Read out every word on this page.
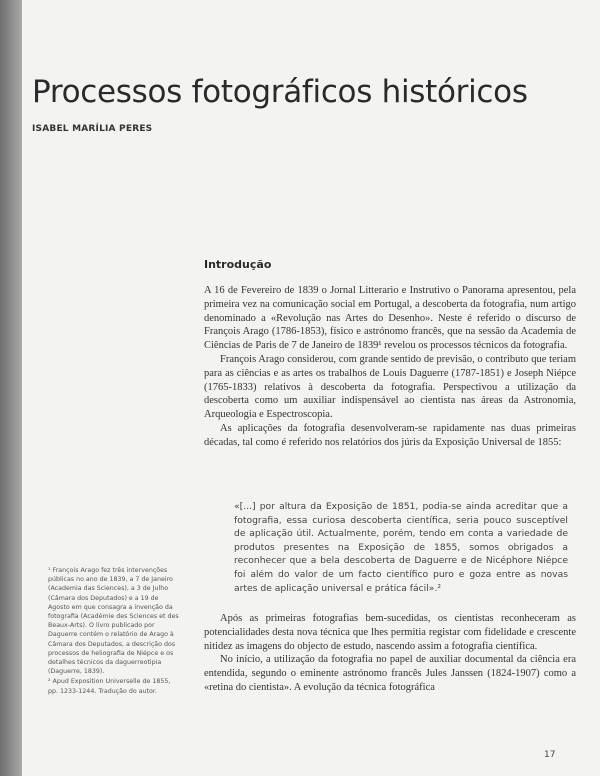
Processos fotográficos históricos
ISABEL MARÍLIA PERES
Introdução

A 16 de Fevereiro de 1839 o Jornal Litterario e Instrutivo o Panorama apresentou, pela primeira vez na comunicação social em Portugal, a descoberta da fotografia, num artigo denominado a «Revolução nas Artes do Desenho». Neste é referido o discurso de François Arago (1786-1853), físico e astrónomo francês, que na sessão da Academia de Ciências de Paris de 7 de Janeiro de 1839¹ revelou os processos técnicos da fotografia.

François Arago considerou, com grande sentido de previsão, o contributo que teriam para as ciências e as artes os trabalhos de Louis Daguerre (1787-1851) e Joseph Niépce (1765-1833) relativos à descoberta da fotografia. Perspectivou a utilização da descoberta como um auxiliar indispensável ao cientista nas áreas da Astronomia, Arqueologia e Espectroscopia.

As aplicações da fotografia desenvolveram-se rapidamente nas duas primeiras décadas, tal como é referido nos relatórios dos júris da Exposição Universal de 1855:

«[...] por altura da Exposição de 1851, podia-se ainda acreditar que a fotografia, essa curiosa descoberta científica, seria pouco susceptível de aplicação útil. Actualmente, porém, tendo em conta a variedade de produtos presentes na Exposição de 1855, somos obrigados a reconhecer que a bela descoberta de Daguerre e de Nicéphore Niépce foi além do valor de um facto científico puro e goza entre as novas artes de aplicação universal e prática fácil».²

Após as primeiras fotografias bem-sucedidas, os cientistas reconheceram as potencialidades desta nova técnica que lhes permitia registar com fidelidade e crescente nitidez as imagens do objecto de estudo, nascendo assim a fotografia científica.

No início, a utilização da fotografia no papel de auxiliar documental da ciência era entendida, segundo o eminente astrónomo francês Jules Janssen (1824-1907) como a «retina do cientista». A evolução da técnica fotográfica

¹ François Arago fez três intervenções públicas no ano de 1839, a 7 de Janeiro (Academia das Sciences), a 3 de Julho (Câmara dos Deputados) e a 19 de Agosto em que consagra a invenção da fotografia (Académie des Sciences et des Beaux-Arts). O livro publicado por Daguerre contém o relatório de Arago à Câmara dos Deputados, a descrição dos processos de heliografia de Niépce e os detalhes técnicos da daguerreotipia (Daguerre, 1839).

² Apud Exposition Universelle de 1855, pp. 1233-1244. Tradução do autor.

17
